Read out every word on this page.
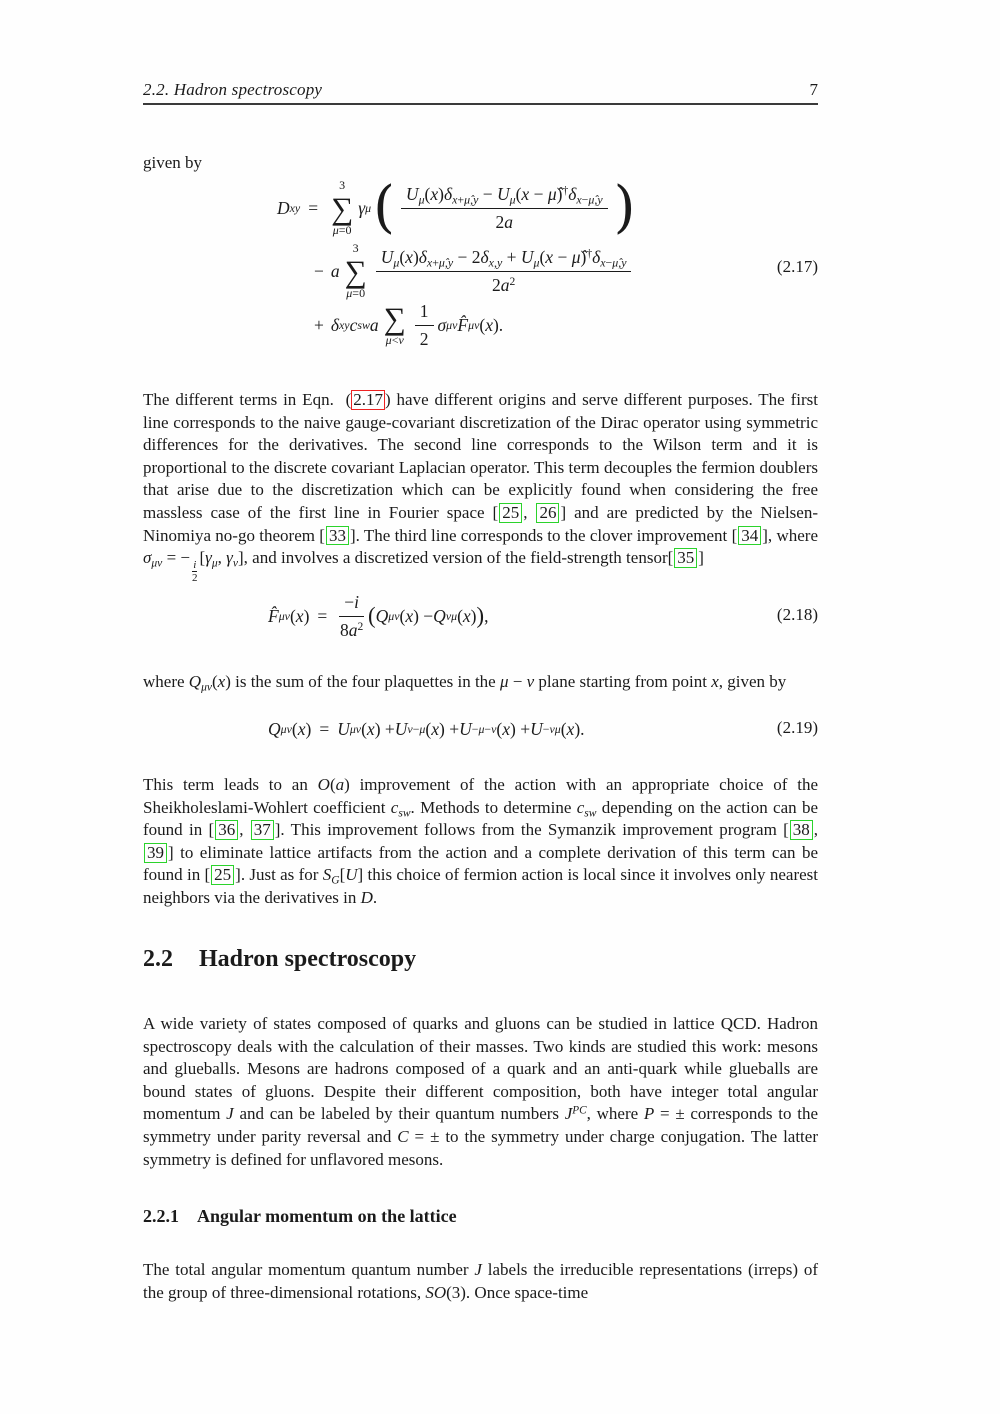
2.2. Hadron spectroscopy	7

given by

D xy =
3
∑
μ=0
γ μ ( $\frac{U_\mu(x)\delta_{x+\mû,y} - U_\mu(x - \mû)^\dagger\delta_{x-\mû,y}}{2a}$ )
− a
3
∑
$\mu=0 \frac{U_\mu(x)\delta_{x+\mû,y} - 2\delta_{x,y} + U_\mu(x - \mû)^\dagger\delta_{x-\mû,y}}{2a^2}$
+ δ xy c sw a ∑
$\mu<\nu \frac{1}{2}$ σ μν F̂ μν ( x ).
(2.17)

The different terms in Eqn.  ( 2.17 ) have different origins and serve different purposes. The first line corresponds to the naive gauge-covariant discretization of the Dirac operator using symmetric differences for the derivatives. The second line corresponds to the Wilson term and it is proportional to the discrete covariant Laplacian operator. This term decouples the fermion doublers that arise due to the discretization which can be explicitly found when considering the free massless case of the first line in Fourier space [ 25 , 26 ] and are predicted by the Nielsen-Ninomiya no-go theorem [ 33 ]. The third line corresponds to the clover improvement [ 34 ], where $\sigma_{\mu\nu}$ = −
$\frac{i}{2}$
[$\gamma_\mu$, $\gamma_\nu$], and involves a discretized version of the field-strength tensor[ 35 ]

F̂ μν ( x ) = $\frac{-i}{8a^2}$ ( Q μν ( x ) − Q νμ ( x ) ) ,	(2.18)

where $Q_{\mu\nu}(x)$ is the sum of the four plaquettes in the μ − ν plane starting from point x, given by

Q μν ( x ) = U μν ( x ) + U ν−μ ( x ) + U −μ−ν ( x ) + U −νμ ( x ).	(2.19)

This term leads to an O(a) improvement of the action with an appropriate choice of the Sheikholeslami-Wohlert coefficient $c_{sw}$. Methods to determine $c_{sw}$ depending on the action can be found in [ 36 , 37 ]. This improvement follows from the Symanzik improvement program [ 38 , 39 ] to eliminate lattice artifacts from the action and a complete derivation of this term can be found in [ 25 ]. Just as for $S_G[U]$ this choice of fermion action is local since it involves only nearest neighbors via the derivatives in D.

2.2 Hadron spectroscopy

A wide variety of states composed of quarks and gluons can be studied in lattice QCD. Hadron spectroscopy deals with the calculation of their masses. Two kinds are studied this work: mesons and glueballs. Mesons are hadrons composed of a quark and an anti-quark while glueballs are bound states of gluons. Despite their different composition, both have integer total angular momentum J and can be labeled by their quantum numbers $J^{PC}$, where P = ± corresponds to the symmetry under parity reversal and C = ± to the symmetry under charge conjugation. The latter symmetry is defined for unflavored mesons.

2.2.1 Angular momentum on the lattice

The total angular momentum quantum number J labels the irreducible representations (irreps) of the group of three-dimensional rotations, SO(3). Once space-time
